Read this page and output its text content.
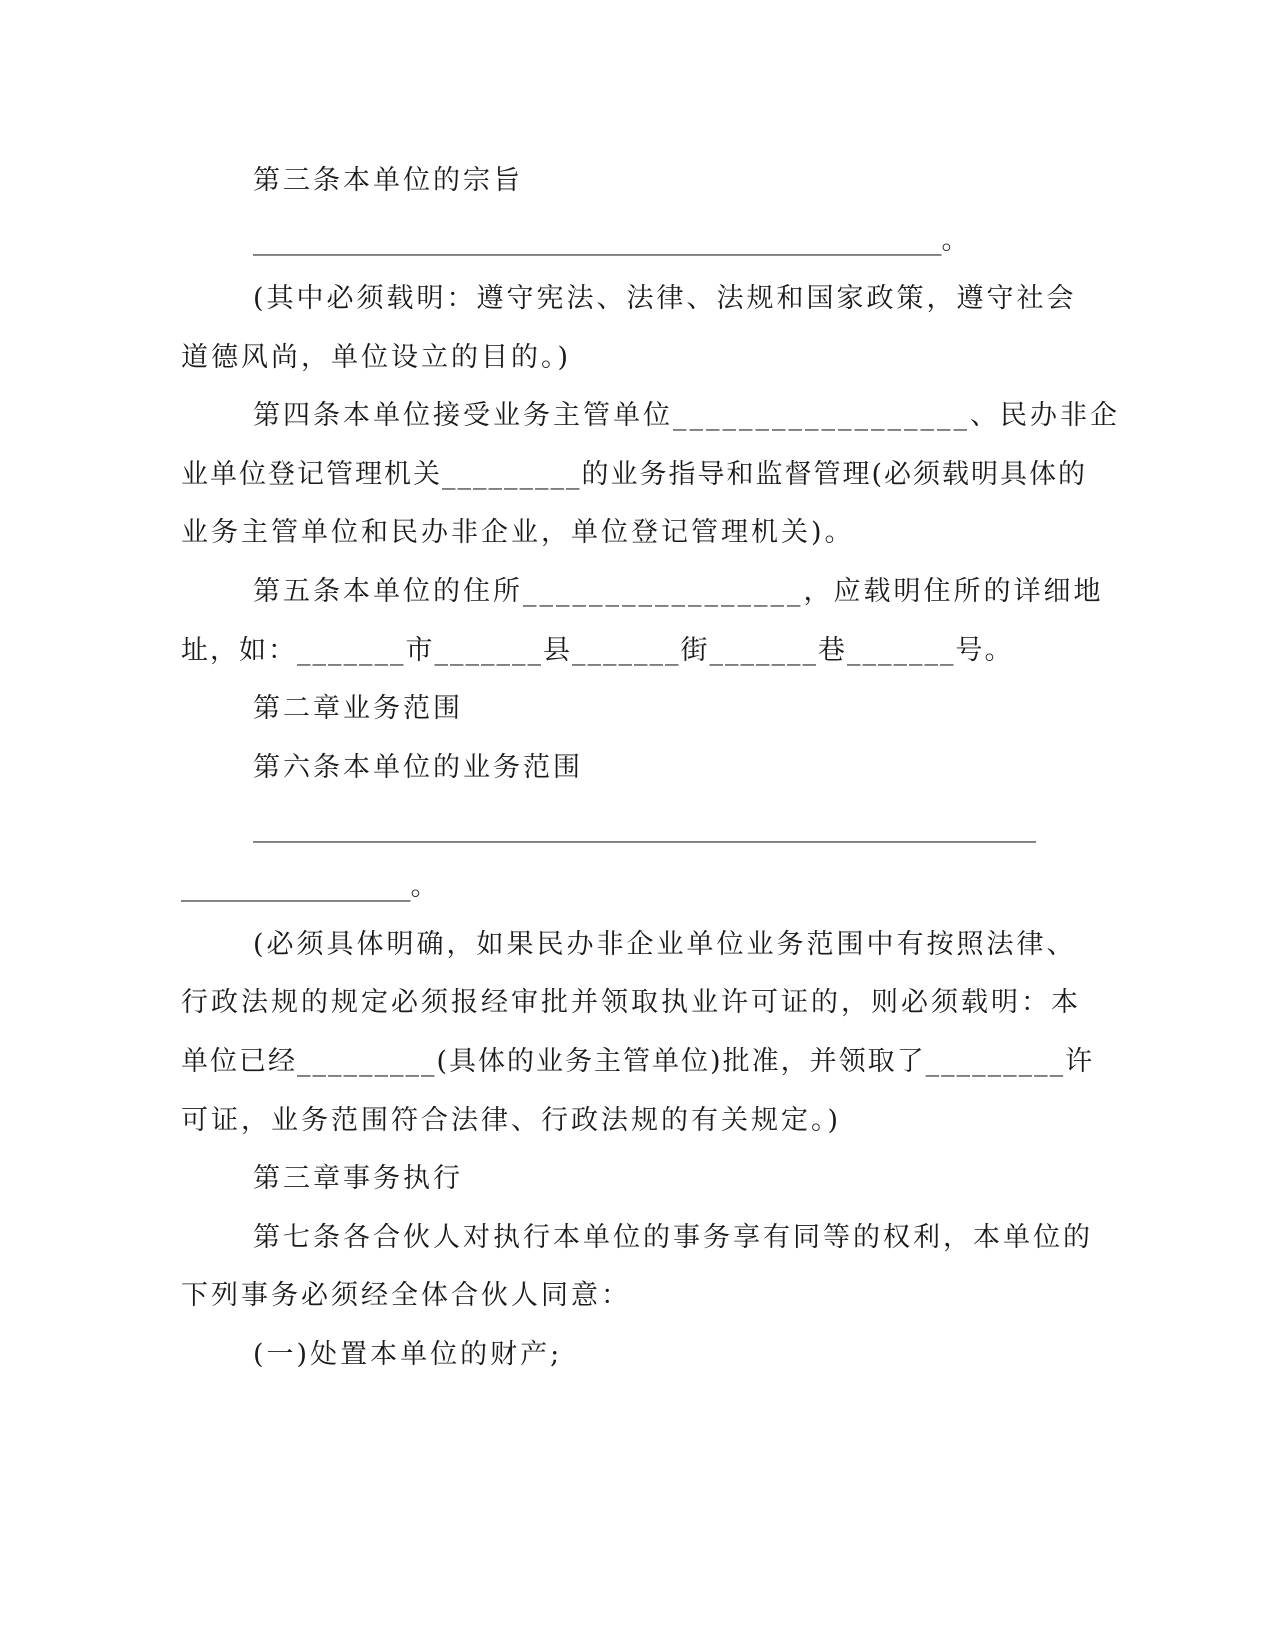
第三条本单位的宗旨
___________________________________________________。
(其中必须载明：遵守宪法、法律、法规和国家政策，遵守社会
道德风尚，单位设立的目的。)
第四条本单位接受业务主管单位__________________、民办非企
业单位登记管理机关_________的业务指导和监督管理(必须载明具体的
业务主管单位和民办非企业，单位登记管理机关)。
第五条本单位的住所_________________，应载明住所的详细地
址，如：_______市_______县_______街_______巷_______号。
第二章业务范围
第六条本单位的业务范围
__________________________________________________________
_________________。
(必须具体明确，如果民办非企业单位业务范围中有按照法律、
行政法规的规定必须报经审批并领取执业许可证的，则必须载明：本
单位已经_________(具体的业务主管单位)批准，并领取了_________许
可证，业务范围符合法律、行政法规的有关规定。)
第三章事务执行
第七条各合伙人对执行本单位的事务享有同等的权利，本单位的
下列事务必须经全体合伙人同意：
(一)处置本单位的财产;
